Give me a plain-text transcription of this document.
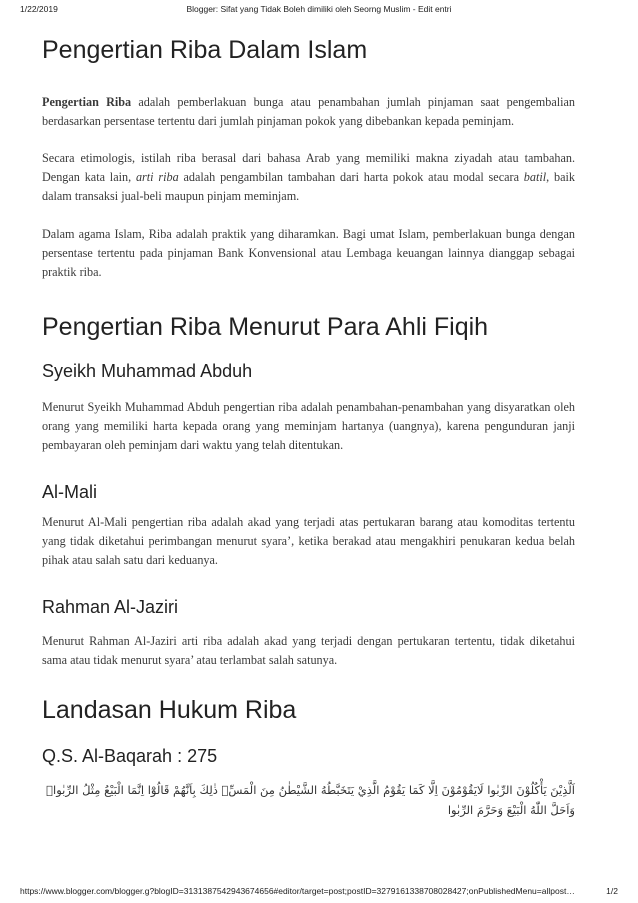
1/22/2019	Blogger: Sifat yang Tidak Boleh dimiliki oleh Seorng Muslim - Edit entri
Pengertian Riba Dalam Islam

Pengertian Riba adalah pemberlakuan bunga atau penambahan jumlah pinjaman saat pengembalian berdasarkan persentase tertentu dari jumlah pinjaman pokok yang dibebankan kepada peminjam.

Secara etimologis, istilah riba berasal dari bahasa Arab yang memiliki makna ziyadah atau tambahan. Dengan kata lain, arti riba adalah pengambilan tambahan dari harta pokok atau modal secara batil, baik dalam transaksi jual-beli maupun pinjam meminjam.

Dalam agama Islam, Riba adalah praktik yang diharamkan. Bagi umat Islam, pemberlakuan bunga dengan persentase tertentu pada pinjaman Bank Konvensional atau Lembaga keuangan lainnya dianggap sebagai praktik riba.

Pengertian Riba Menurut Para Ahli Fiqih
Syeikh Muhammad Abduh

Menurut Syeikh Muhammad Abduh pengertian riba adalah penambahan-penambahan yang disyaratkan oleh orang yang memiliki harta kepada orang yang meminjam hartanya (uangnya), karena pengunduran janji pembayaran oleh peminjam dari waktu yang telah ditentukan.

Al-Mali

Menurut Al-Mali pengertian riba adalah akad yang terjadi atas pertukaran barang atau komoditas tertentu yang tidak diketahui perimbangan menurut syara’, ketika berakad atau mengakhiri penukaran kedua belah pihak atau salah satu dari keduanya.

Rahman Al-Jaziri

Menurut Rahman Al-Jaziri arti riba adalah akad yang terjadi dengan pertukaran tertentu, tidak diketahui sama atau tidak menurut syara’ atau terlambat salah satunya.

Landasan Hukum Riba
Q.S. Al-Baqarah : 275
اَلَّذِيْنَ يَأْكُلُوْنَ الرِّبٰوا لَايَقُوْمُوْنَ اِلَّا كَمَا يَقُوْمُ الَّذِيْ يَتَخَبَّطُهُ الشَّيْطٰنُ مِنَ الْمَسِّۗ ذٰلِكَ بِاَنَّهُمْ قَالُوْٓا اِنَّمَا الْبَيْعُ مِثْلُ الرِّبٰواۘ وَاَحَلَّ اللّٰهُ الْبَيْعَ وَحَرَّمَ الرِّبٰوا
https://www.blogger.com/blogger.g?blogID=3131387542943674656#editor/target=post;postID=3279161338708028427;onPublishedMenu=allpost…	1/2
